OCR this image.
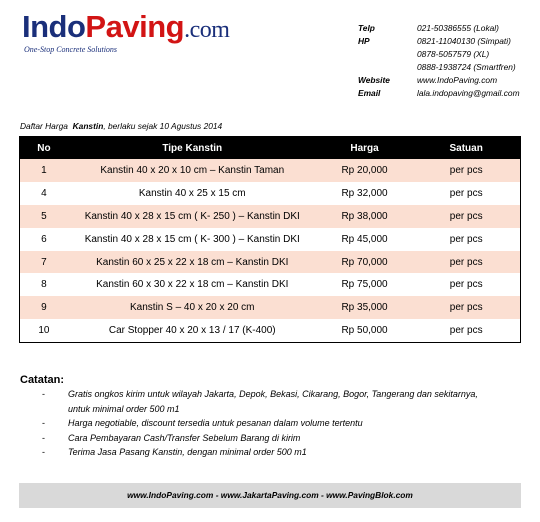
IndoPaving.com
One-Stop Concrete Solutions
Telp	021-50386555 (Lokal)
HP	0821-11040130 (Simpati)
0878-5057579 (XL)
0888-1938724 (Smartfren)
Website	www.IndoPaving.com
Email	lala.indopaving@gmail.com
Daftar Harga Kanstin, berlaku sejak 10 Agustus 2014
No	Tipe Kanstin	Harga	Satuan
1	Kanstin 40 x 20 x 10 cm – Kanstin Taman	Rp 20,000	per pcs
4	Kanstin 40 x 25 x 15 cm	Rp 32,000	per pcs
5	Kanstin 40 x 28 x 15 cm ( K- 250 ) – Kanstin DKI	Rp 38,000	per pcs
6	Kanstin 40 x 28 x 15 cm ( K- 300 ) – Kanstin DKI	Rp 45,000	per pcs
7	Kanstin 60 x 25 x 22 x 18 cm – Kanstin DKI	Rp 70,000	per pcs
8	Kanstin 60 x 30 x 22 x 18 cm – Kanstin DKI	Rp 75,000	per pcs
9	Kanstin S – 40 x 20 x 20 cm	Rp 35,000	per pcs
10	Car Stopper 40 x 20 x 13 / 17 (K-400)	Rp 50,000	per pcs
Catatan:
-	Gratis ongkos kirim untuk wilayah Jakarta, Depok, Bekasi, Cikarang, Bogor, Tangerang dan sekitarnya, untuk minimal order 500 m1
-	Harga negotiable, discount tersedia untuk pesanan dalam volume tertentu
-	Cara Pembayaran Cash/Transfer Sebelum Barang di kirim
-	Terima Jasa Pasang Kanstin, dengan minimal order 500 m1
www.IndoPaving.com - www.JakartaPaving.com - www.PavingBlok.com
